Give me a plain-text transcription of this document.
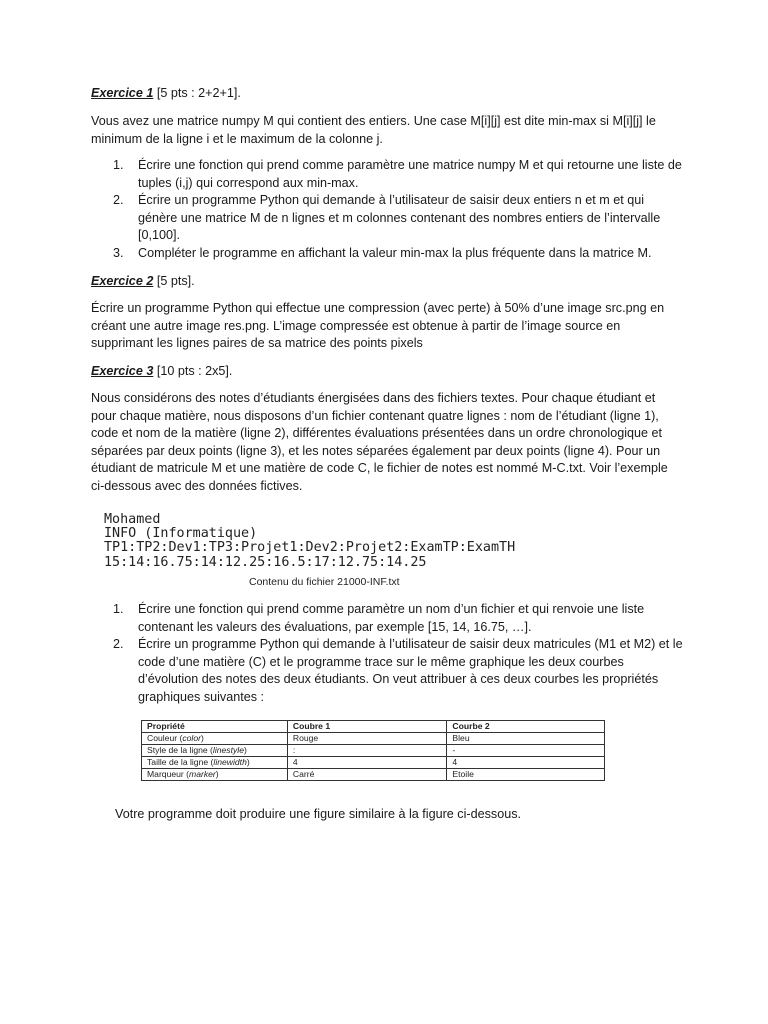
Exercice 1 [5 pts : 2+2+1].

Vous avez une matrice numpy M qui contient des entiers. Une case M[i][j] est dite min-max si M[i][j] le minimum de la ligne i et le maximum de la colonne j.

1. Écrire une fonction qui prend comme paramètre une matrice numpy M et qui retourne une liste de tuples (i,j) qui correspond aux min-max.
2. Écrire un programme Python qui demande à l’utilisateur de saisir deux entiers n et m et qui génère une matrice M de n lignes et m colonnes contenant des nombres entiers de l’intervalle [0,100].
3. Compléter le programme en affichant la valeur min-max la plus fréquente dans la matrice M.

Exercice 2 [5 pts].

Écrire un programme Python qui effectue une compression (avec perte) à 50% d’une image src.png en créant une autre image res.png. L’image compressée est obtenue à partir de l’image source en supprimant les lignes paires de sa matrice des points pixels

Exercice 3 [10 pts : 2x5].

Nous considérons des notes d’étudiants énergisées dans des fichiers textes. Pour chaque étudiant et pour chaque matière, nous disposons d’un fichier contenant quatre lignes : nom de l’étudiant (ligne 1), code et nom de la matière (ligne 2), différentes évaluations présentées dans un ordre chronologique et séparées par deux points (ligne 3), et les notes séparées également par deux points (ligne 4). Pour un étudiant de matricule M et une matière de code C, le fichier de notes est nommé M-C.txt. Voir l’exemple ci-dessous avec des données fictives.

Mohamed
INFO (Informatique)
TP1:TP2:Dev1:TP3:Projet1:Dev2:Projet2:ExamTP:ExamTH
15:14:16.75:14:12.25:16.5:17:12.75:14.25
Contenu du fichier 21000-INF.txt
1. Écrire une fonction qui prend comme paramètre un nom d’un fichier et qui renvoie une liste contenant les valeurs des évaluations, par exemple [15, 14, 16.75, …].
2. Écrire un programme Python qui demande à l’utilisateur de saisir deux matricules (M1 et M2) et le code d’une matière (C) et le programme trace sur le même graphique les deux courbes d’évolution des notes des deux étudiants. On veut attribuer à ces deux courbes les propriétés graphiques suivantes :
Propriété	Coubre 1	Courbe 2
Couleur (color)	Rouge	Bleu
Style de la ligne (linestyle)	:	-
Taille de la ligne (linewidth)	4	4
Marqueur (marker)	Carré	Etoile

Votre programme doit produire une figure similaire à la figure ci-dessous.
